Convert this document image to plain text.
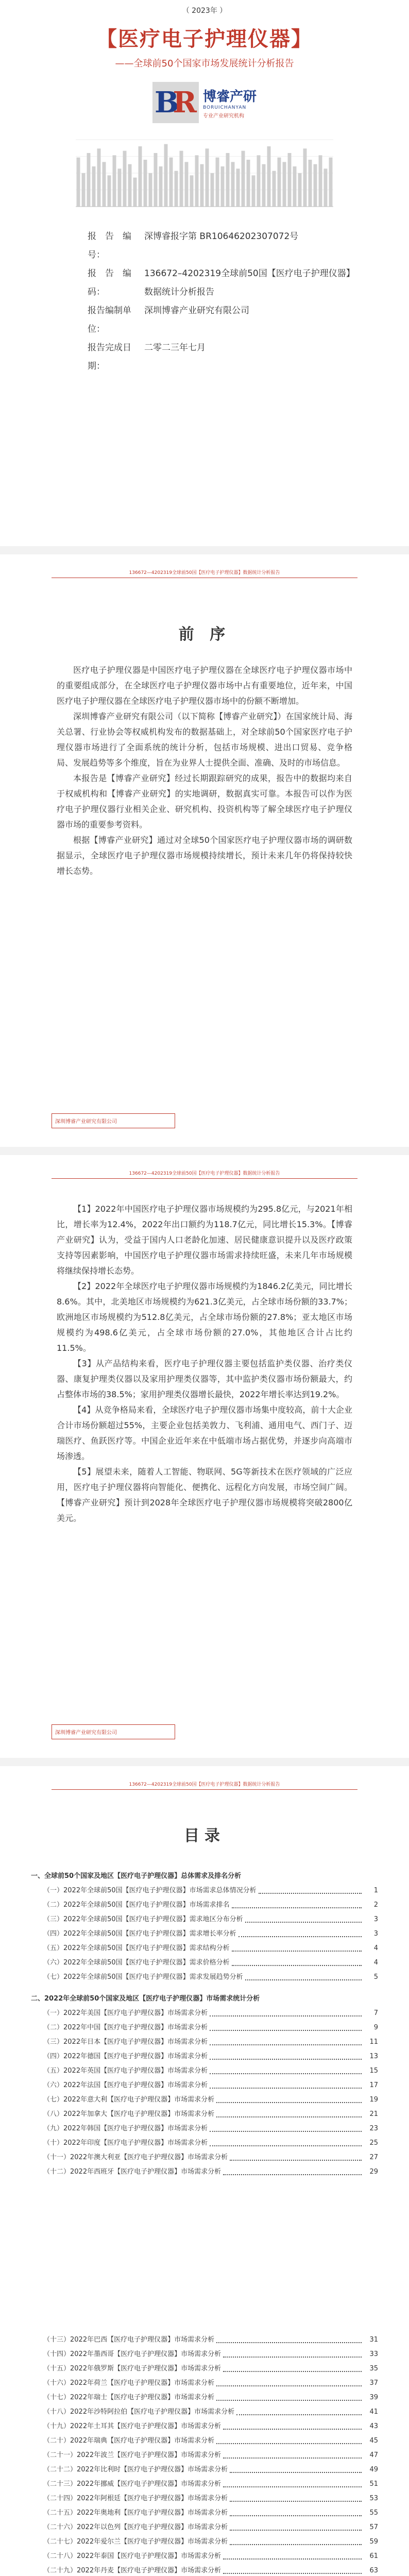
（ 2023年 ）
【医疗电子护理仪器】
——全球前50个国家市场发展统计分析报告
B
R 博睿产研
BORUICHANYAN
专业产业研究机构
报　告　编　号：
深博睿报字第 BR10646202307072号
报　告　编　码：
136672–4202319全球前50国【医疗电子护理仪器】数据统计分析报告
报告编制单位：
深圳博睿产业研究有限公司
报告完成日期：
二零二三年七月
136672—4202319全球前50国【医疗电子护理仪器】数据统计分析报告
前 序

医疗电子护理仪器是中国医疗电子护理仪器在全球医疗电子护理仪器市场中的重要组成部分，在全球医疗电子护理仪器市场中占有重要地位，近年来，中国医疗电子护理仪器在全球医疗电子护理仪器市场中的份额不断增加。

深圳博睿产业研究有限公司（以下简称【博睿产业研究】）在国家统计局、海关总署、行业协会等权威机构发布的数据基础上，对全球前50个国家医疗电子护理仪器市场进行了全面系统的统计分析，包括市场规模、进出口贸易、竞争格局、发展趋势等多个维度，旨在为业界人士提供全面、准确、及时的市场信息。

本报告是【博睿产业研究】经过长期跟踪研究的成果，报告中的数据均来自于权威机构和【博睿产业研究】的实地调研，数据真实可靠。本报告可以作为医疗电子护理仪器行业相关企业、研究机构、投资机构等了解全球医疗电子护理仪器市场的重要参考资料。

根据【博睿产业研究】通过对全球50个国家医疗电子护理仪器市场的调研数据显示，全球医疗电子护理仪器市场规模持续增长，预计未来几年仍将保持较快增长态势。

深圳博睿产业研究有限公司
136672—4202319全球前50国【医疗电子护理仪器】数据统计分析报告

【1】2022年中国医疗电子护理仪器市场规模约为295.8亿元，与2021年相比，增长率为12.4%，2022年出口额约为118.7亿元，同比增长15.3%。【博睿产业研究】认为，受益于国内人口老龄化加速、居民健康意识提升以及医疗政策支持等因素影响，中国医疗电子护理仪器市场需求持续旺盛，未来几年市场规模将继续保持增长态势。

【2】2022年全球医疗电子护理仪器市场规模约为1846.2亿美元，同比增长8.6%。其中，北美地区市场规模约为621.3亿美元，占全球市场份额的33.7%；欧洲地区市场规模约为512.8亿美元，占全球市场份额的27.8%；亚太地区市场规模约为498.6亿美元，占全球市场份额的27.0%，其他地区合计占比约11.5%。

【3】从产品结构来看，医疗电子护理仪器主要包括监护类仪器、治疗类仪器、康复护理类仪器以及家用护理类仪器等，其中监护类仪器市场份额最大，约占整体市场的38.5%；家用护理类仪器增长最快，2022年增长率达到19.2%。

【4】从竞争格局来看，全球医疗电子护理仪器市场集中度较高，前十大企业合计市场份额超过55%，主要企业包括美敦力、飞利浦、通用电气、西门子、迈瑞医疗、鱼跃医疗等。中国企业近年来在中低端市场占据优势，并逐步向高端市场渗透。

【5】展望未来，随着人工智能、物联网、5G等新技术在医疗领域的广泛应用，医疗电子护理仪器将向智能化、便携化、远程化方向发展，市场空间广阔。【博睿产业研究】预计到2028年全球医疗电子护理仪器市场规模将突破2800亿美元。

深圳博睿产业研究有限公司
136672—4202319全球前50国【医疗电子护理仪器】数据统计分析报告
目录
一、全球前50个国家及地区【医疗电子护理仪器】总体需求及排名分析
（一）2022年全球前50国【医疗电子护理仪器】市场需求总体情况分析	1
（二）2022年全球前50国【医疗电子护理仪器】市场需求排名	2
（三）2022年全球前50国【医疗电子护理仪器】需求地区分布分析	3
（四）2022年全球前50国【医疗电子护理仪器】需求增长率分析	3
（五）2022年全球前50国【医疗电子护理仪器】需求结构分析	4
（六）2022年全球前50国【医疗电子护理仪器】需求价格分析	4
（七）2022年全球前50国【医疗电子护理仪器】需求发展趋势分析	5
二、2022年全球前50个国家及地区【医疗电子护理仪器】市场需求统计分析
（一）2022年美国【医疗电子护理仪器】市场需求分析	7
（二）2022年中国【医疗电子护理仪器】市场需求分析	9
（三）2022年日本【医疗电子护理仪器】市场需求分析	11
（四）2022年德国【医疗电子护理仪器】市场需求分析	13
（五）2022年英国【医疗电子护理仪器】市场需求分析	15
（六）2022年法国【医疗电子护理仪器】市场需求分析	17
（七）2022年意大利【医疗电子护理仪器】市场需求分析	19
（八）2022年加拿大【医疗电子护理仪器】市场需求分析	21
（九）2022年韩国【医疗电子护理仪器】市场需求分析	23
（十）2022年印度【医疗电子护理仪器】市场需求分析	25
（十一）2022年澳大利亚【医疗电子护理仪器】市场需求分析	27
（十二）2022年西班牙【医疗电子护理仪器】市场需求分析	29
（十三）2022年巴西【医疗电子护理仪器】市场需求分析	31
（十四）2022年墨西哥【医疗电子护理仪器】市场需求分析	33
（十五）2022年俄罗斯【医疗电子护理仪器】市场需求分析	35
（十六）2022年荷兰【医疗电子护理仪器】市场需求分析	37
（十七）2022年瑞士【医疗电子护理仪器】市场需求分析	39
（十八）2022年沙特阿拉伯【医疗电子护理仪器】市场需求分析	41
（十九）2022年土耳其【医疗电子护理仪器】市场需求分析	43
（二十）2022年瑞典【医疗电子护理仪器】市场需求分析	45
（二十一）2022年波兰【医疗电子护理仪器】市场需求分析	47
（二十二）2022年比利时【医疗电子护理仪器】市场需求分析	49
（二十三）2022年挪威【医疗电子护理仪器】市场需求分析	51
（二十四）2022年阿根廷【医疗电子护理仪器】市场需求分析	53
（二十五）2022年奥地利【医疗电子护理仪器】市场需求分析	55
（二十六）2022年以色列【医疗电子护理仪器】市场需求分析	57
（二十七）2022年爱尔兰【医疗电子护理仪器】市场需求分析	59
（二十八）2022年泰国【医疗电子护理仪器】市场需求分析	61
（二十九）2022年丹麦【医疗电子护理仪器】市场需求分析	63
